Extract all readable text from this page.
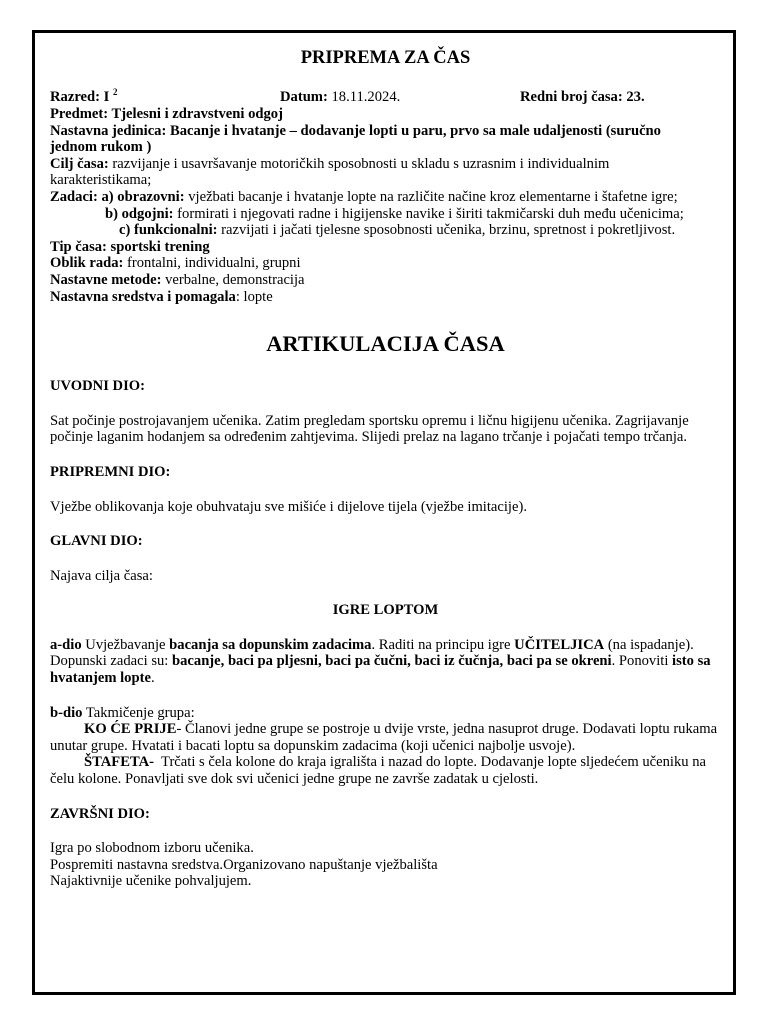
PRIPREMA ZA ČAS
Razred: I $^2$	Datum: 18.11.2024.	Redni broj časa: 23.

Predmet: Tjelesni i zdravstveni odgoj

Nastavna jedinica: Bacanje i hvatanje – dodavanje lopti u paru, prvo sa male udaljenosti (suručno

jednom rukom )

Cilj časa: razvijanje i usavršavanje motoričkih sposobnosti u skladu s uzrasnim i individualnim

karakteristikama;

Zadaci: a) obrazovni: vježbati bacanje i hvatanje lopte na različite načine kroz elementarne i štafetne igre;

b) odgojni: formirati i njegovati radne i higijenske navike i širiti takmičarski duh među učenicima;

c) funkcionalni: razvijati i jačati tjelesne sposobnosti učenika, brzinu, spretnost i pokretljivost.

Tip časa: sportski trening

Oblik rada: frontalni, individualni, grupni

Nastavne metode: verbalne, demonstracija

Nastavna sredstva i pomagala: lopte

ARTIKULACIJA ČASA

UVODNI DIO:

Sat počinje postrojavanjem učenika. Zatim pregledam sportsku opremu i ličnu higijenu učenika. Zagrijavanje počinje laganim hodanjem sa određenim zahtjevima. Slijedi prelaz na lagano trčanje i pojačati tempo trčanja.

PRIPREMNI DIO:

Vježbe oblikovanja koje obuhvataju sve mišiće i dijelove tijela (vježbe imitacije).

GLAVNI DIO:

Najava cilja časa:

IGRE LOPTOM

a-dio Uvježbavanje bacanja sa dopunskim zadacima. Raditi na principu igre UČITELJICA (na ispadanje). Dopunski zadaci su: bacanje, baci pa pljesni, baci pa čučni, baci iz čučnja, baci pa se okreni. Ponoviti isto sa hvatanjem lopte.

b-dio Takmičenje grupa:

KO ĆE PRIJE- Članovi jedne grupe se postroje u dvije vrste, jedna nasuprot druge. Dodavati loptu rukama unutar grupe. Hvatati i bacati loptu sa dopunskim zadacima (koji učenici najbolje usvoje).

ŠTAFETA-  Trčati s čela kolone do kraja igrališta i nazad do lopte. Dodavanje lopte sljedećem učeniku na čelu kolone. Ponavljati sve dok svi učenici jedne grupe ne završe zadatak u cjelosti.

ZAVRŠNI DIO:

Igra po slobodnom izboru učenika.

Pospremiti nastavna sredstva.Organizovano napuštanje vježbališta

Najaktivnije učenike pohvaljujem.
